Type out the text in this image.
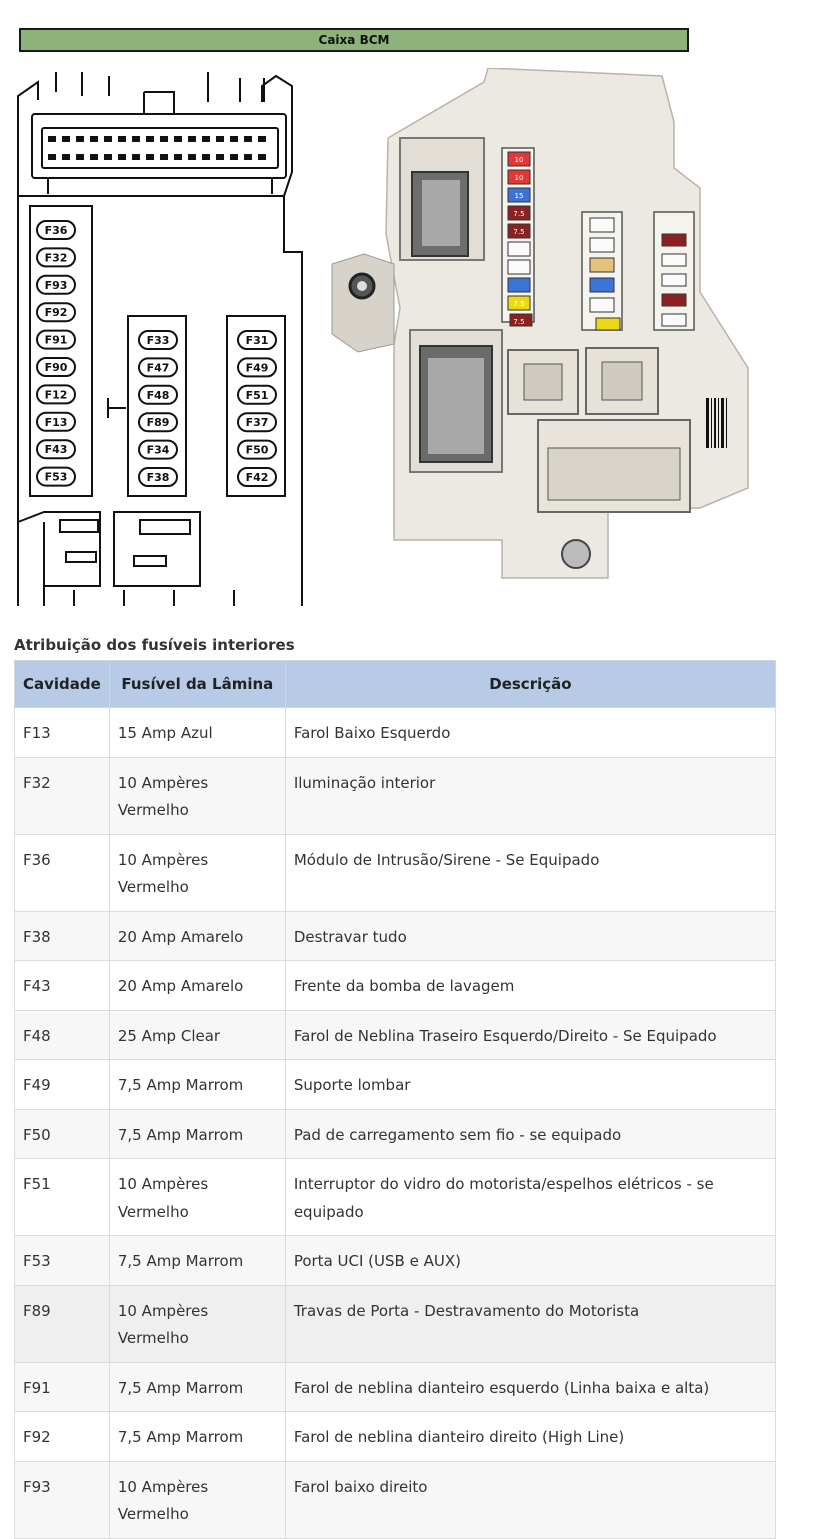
Caixa BCM
F36
F32
F93
F92
F91
F90
F12
F13
F43
F53
F33
F47
F48
F89
F34
F38
F31
F49
F51
F37
F50
F42
10
10
15
7.5
7.5
7.5
7.5
Atribuição dos fusíveis interiores
Cavidade	Fusível da Lâmina	Descrição
F13	15 Amp Azul	Farol Baixo Esquerdo
F32	10 Ampères Vermelho	Iluminação interior
F36	10 Ampères Vermelho	Módulo de Intrusão/Sirene - Se Equipado
F38	20 Amp Amarelo	Destravar tudo
F43	20 Amp Amarelo	Frente da bomba de lavagem
F48	25 Amp Clear	Farol de Neblina Traseiro Esquerdo/Direito - Se Equipado
F49	7,5 Amp Marrom	Suporte lombar
F50	7,5 Amp Marrom	Pad de carregamento sem fio - se equipado
F51	10 Ampères Vermelho	Interruptor do vidro do motorista/espelhos elétricos - se equipado
F53	7,5 Amp Marrom	Porta UCI (USB e AUX)
F89	10 Ampères Vermelho	Travas de Porta - Destravamento do Motorista
F91	7,5 Amp Marrom	Farol de neblina dianteiro esquerdo (Linha baixa e alta)
F92	7,5 Amp Marrom	Farol de neblina dianteiro direito (High Line)
F93	10 Ampères Vermelho	Farol baixo direito
